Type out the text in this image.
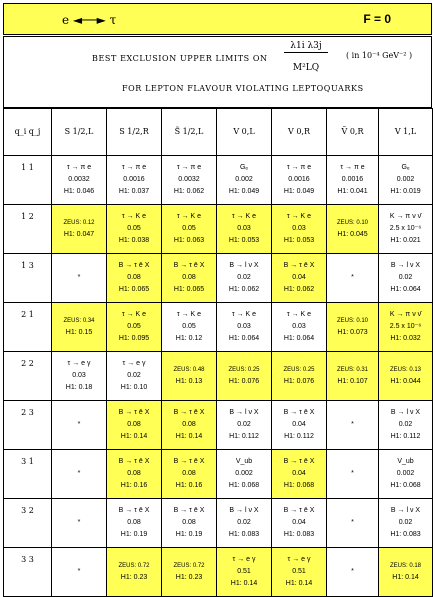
e ◄──► τ	F = 0
BEST EXCLUSION UPPER LIMITS ON $\frac{\text{λ1i λ3j}}{\text{M²LQ}}$ ( in 10⁻⁴ GeV⁻² )
FOR LEPTON FLAVOUR VIOLATING LEPTOQUARKS
q_i q_j	S 1/2,L	S 1/2,R	S̃ 1/2,L	V 0,L	V 0,R	Ṽ 0,R	V 1,L
1 1	τ → π e
0.0032
H1: 0.046	τ → π e
0.0016
H1: 0.037	τ → π e
0.0032
H1: 0.062	Gₑ
0.002
H1: 0.049	τ → π e
0.0016
H1: 0.049	τ → π e
0.0016
H1: 0.041	Gₑ
0.002
H1: 0.019

1 2	ZEUS: 0.12
H1: 0.047	τ → K e
0.05
H1: 0.038	τ → K e
0.05
H1: 0.063	τ → K e
0.03
H1: 0.053	τ → K e
0.03
H1: 0.053	ZEUS: 0.10
H1: 0.045	K → π ν ν̄
2.5 x 10⁻⁶
H1: 0.021

1 3	*	B → τ ē X
0.08
H1: 0.065	B → τ ē X
0.08
H1: 0.065	B → l ν X
0.02
H1: 0.062	B → τ ē X
0.04
H1: 0.062	*	B → l ν X
0.02
H1: 0.064

2 1	ZEUS: 0.34
H1: 0.15	τ → K e
0.05
H1: 0.095	τ → K e
0.05
H1: 0.12	τ → K e
0.03
H1: 0.064	τ → K e
0.03
H1: 0.064	ZEUS: 0.10
H1: 0.073	K → π ν ν̄
2.5 x 10⁻⁶
H1: 0.032

2 2	τ → e γ
0.03
H1: 0.18	τ → e γ
0.02
H1: 0.10	ZEUS: 0.48
H1: 0.13	ZEUS: 0.25
H1: 0.076	ZEUS: 0.25
H1: 0.076	ZEUS: 0.31
H1: 0.107	ZEUS: 0.13
H1: 0.044

2 3	*	B → τ ē X
0.08
H1: 0.14	B → τ ē X
0.08
H1: 0.14	B → l ν X
0.02
H1: 0.112	B → τ ē X
0.04
H1: 0.112	*	B → l ν X
0.02
H1: 0.112

3 1	*	B → τ ē X
0.08
H1: 0.16	B → τ ē X
0.08
H1: 0.16	V_ub
0.002
H1: 0.068	B → τ ē X
0.04
H1: 0.068	*	V_ub
0.002
H1: 0.068

3 2	*	B → τ ē X
0.08
H1: 0.19	B → τ ē X
0.08
H1: 0.19	B → l ν X
0.02
H1: 0.083	B → τ ē X
0.04
H1: 0.083	*	B → l ν X
0.02
H1: 0.083

3 3	*	ZEUS: 0.72
H1: 0.23	ZEUS: 0.72
H1: 0.23	τ → e γ
0.51
H1: 0.14	τ → e γ
0.51
H1: 0.14	*	ZEUS: 0.18
H1: 0.14
